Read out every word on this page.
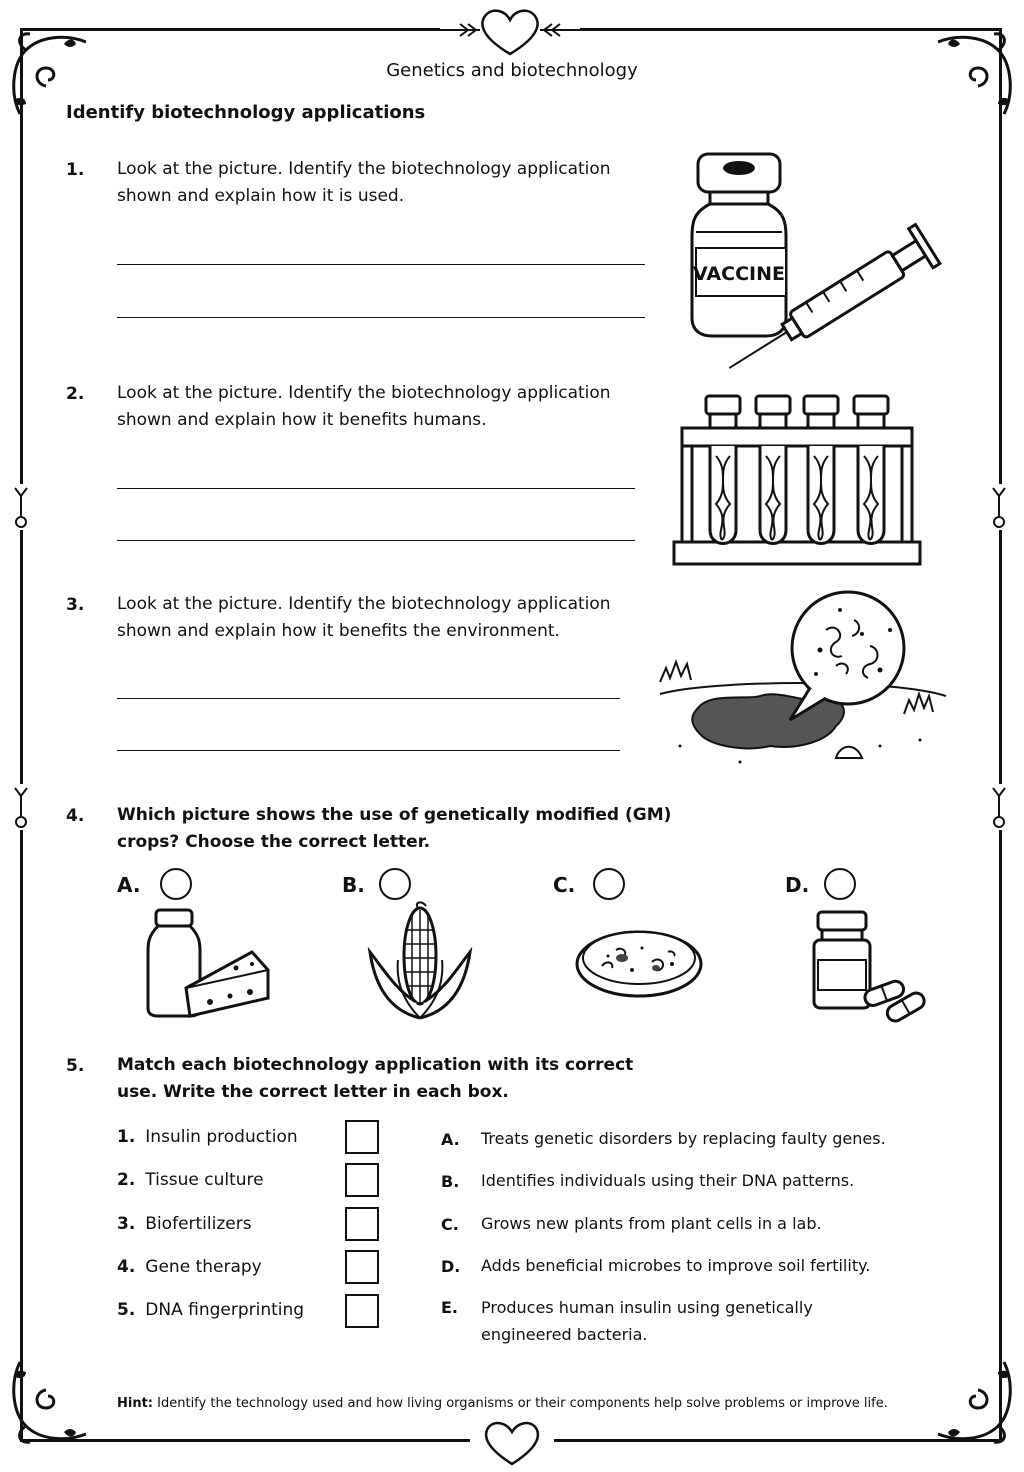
Genetics and biotechnology
Identify biotechnology applications
1. Look at the picture. Identify the biotechnology application shown and explain how it is used.
VACCINE
2. Look at the picture. Identify the biotechnology application shown and explain how it benefits humans.
3. Look at the picture. Identify the biotechnology application shown and explain how it benefits the environment.
4. Which picture shows the use of genetically modified (GM) crops? Choose the correct letter.
A.	B.	C.	D.
5. Match each biotechnology application with its correct use. Write the correct letter in each box.
1. Insulin production
2. Tissue culture
3. Biofertilizers
4. Gene therapy
5. DNA fingerprinting
A. Treats genetic disorders by replacing faulty genes.
B. Identifies individuals using their DNA patterns.
C. Grows new plants from plant cells in a lab.
D. Adds beneficial microbes to improve soil fertility.
E. Produces human insulin using genetically engineered bacteria.
Hint: Identify the technology used and how living organisms or their components help solve problems or improve life.
